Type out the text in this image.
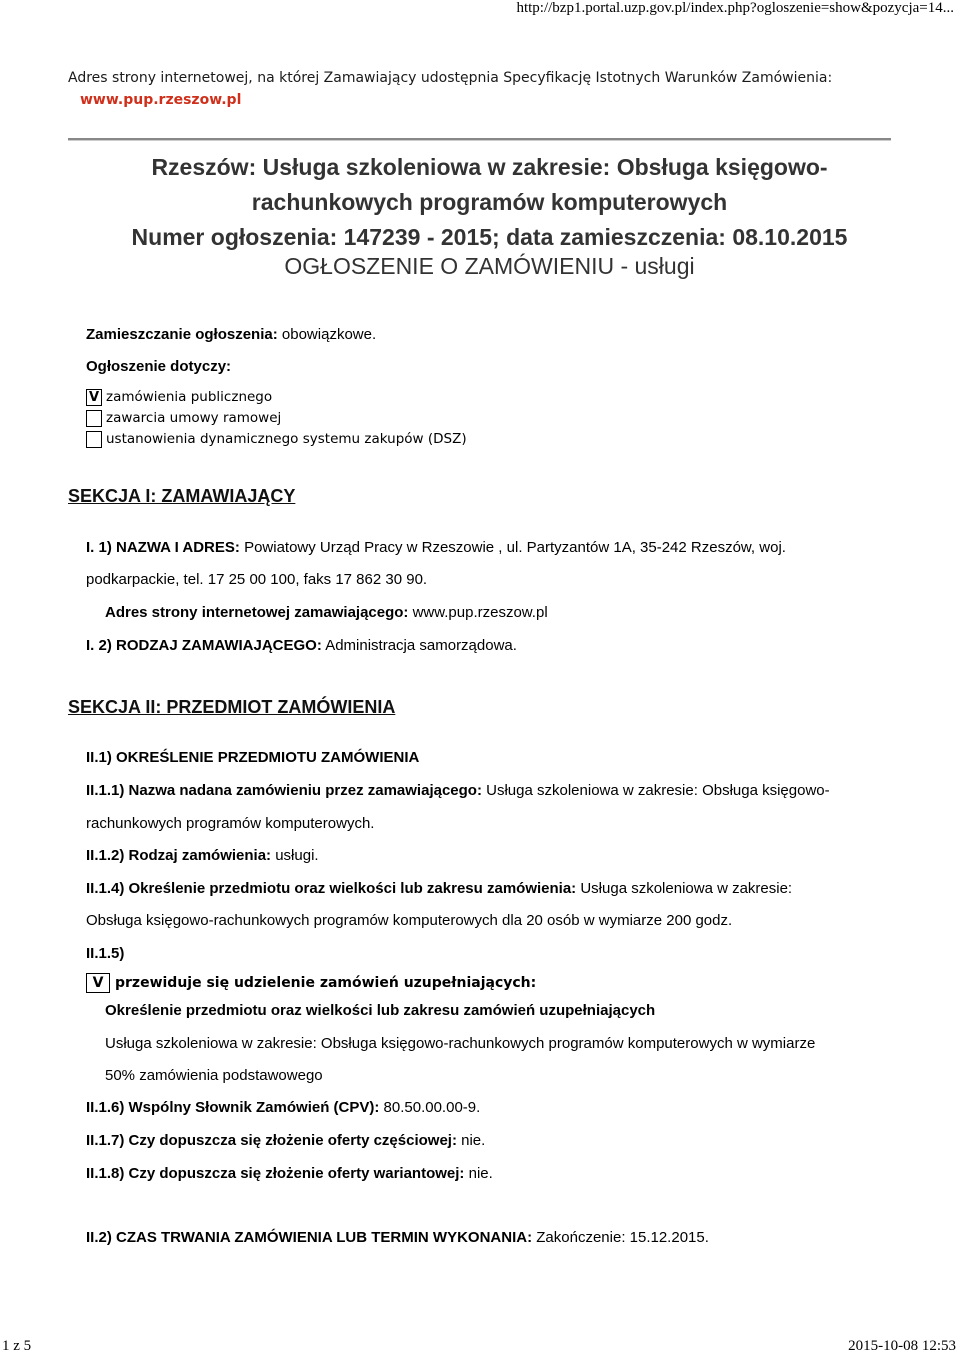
http://bzp1.portal.uzp.gov.pl/index.php?ogloszenie=show&pozycja=14...
Adres strony internetowej, na której Zamawiający udostępnia Specyfikację Istotnych Warunków Zamówienia:
www.pup.rzeszow.pl
Rzeszów: Usługa szkoleniowa w zakresie: Obsługa księgowo-
rachunkowych programów komputerowych
Numer ogłoszenia: 147239 - 2015; data zamieszczenia: 08.10.2015
OGŁOSZENIE O ZAMÓWIENIU - usługi
Zamieszczanie ogłoszenia: obowiązkowe.
Ogłoszenie dotyczy:
V zamówienia publicznego
zawarcia umowy ramowej
ustanowienia dynamicznego systemu zakupów (DSZ)
SEKCJA I: ZAMAWIAJĄCY
I. 1) NAZWA I ADRES: Powiatowy Urząd Pracy w Rzeszowie , ul. Partyzantów 1A, 35-242 Rzeszów, woj.
podkarpackie, tel. 17 25 00 100, faks 17 862 30 90.
Adres strony internetowej zamawiającego: www.pup.rzeszow.pl
I. 2) RODZAJ ZAMAWIAJĄCEGO: Administracja samorządowa.
SEKCJA II: PRZEDMIOT ZAMÓWIENIA
II.1) OKREŚLENIE PRZEDMIOTU ZAMÓWIENIA
II.1.1) Nazwa nadana zamówieniu przez zamawiającego: Usługa szkoleniowa w zakresie: Obsługa księgowo-
rachunkowych programów komputerowych.
II.1.2) Rodzaj zamówienia: usługi.
II.1.4) Określenie przedmiotu oraz wielkości lub zakresu zamówienia: Usługa szkoleniowa w zakresie:
Obsługa księgowo-rachunkowych programów komputerowych dla 20 osób w wymiarze 200 godz.
II.1.5)
V przewiduje się udzielenie zamówień uzupełniających:
Określenie przedmiotu oraz wielkości lub zakresu zamówień uzupełniających
Usługa szkoleniowa w zakresie: Obsługa księgowo-rachunkowych programów komputerowych w wymiarze
50% zamówienia podstawowego
II.1.6) Wspólny Słownik Zamówień (CPV): 80.50.00.00-9.
II.1.7) Czy dopuszcza się złożenie oferty częściowej: nie.
II.1.8) Czy dopuszcza się złożenie oferty wariantowej: nie.
II.2) CZAS TRWANIA ZAMÓWIENIA LUB TERMIN WYKONANIA: Zakończenie: 15.12.2015.
1 z 5	2015-10-08 12:53
